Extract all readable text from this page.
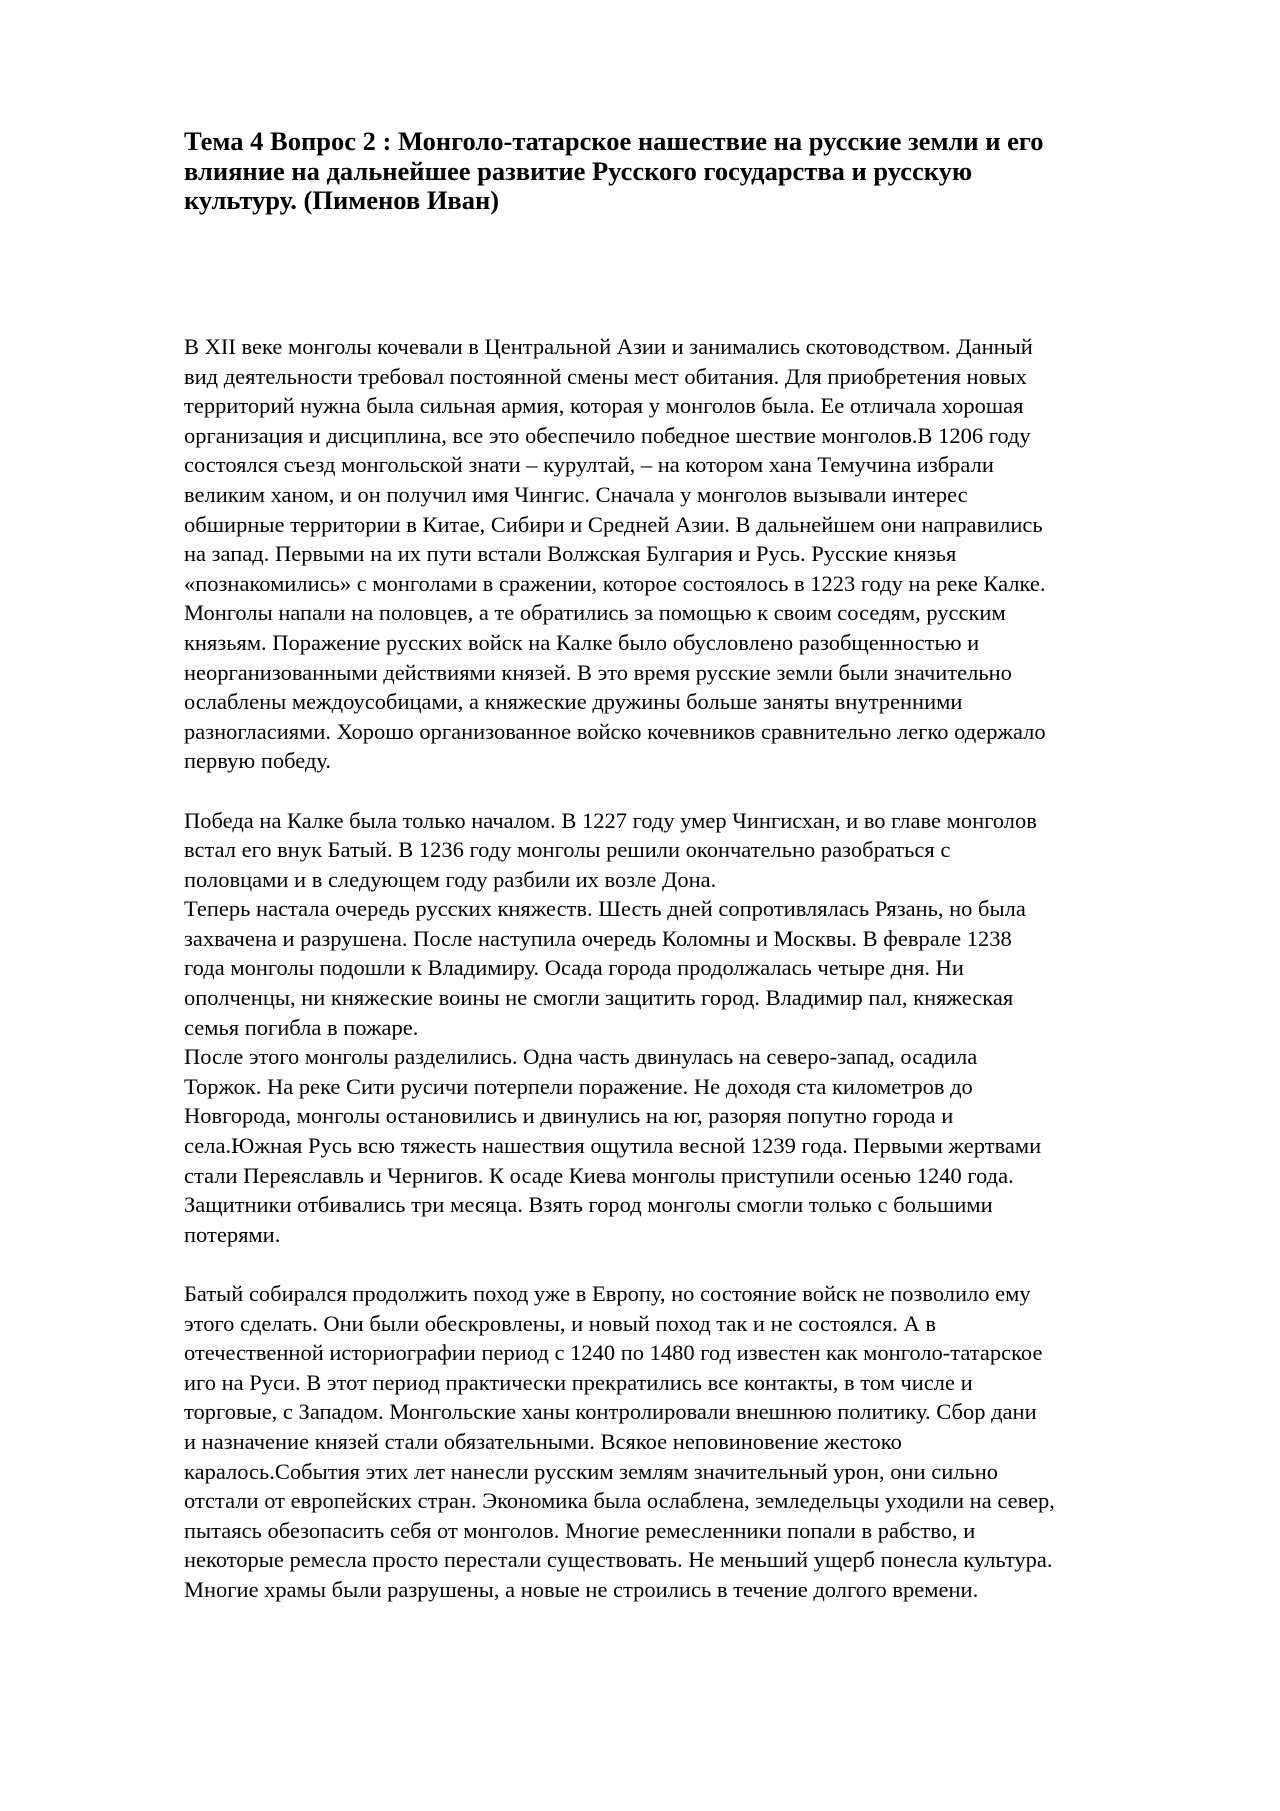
Тема 4 Вопрос 2 : Монголо-татарское нашествие на русские земли и его
влияние на дальнейшее развитие Русского государства и русскую
культуру. (Пименов Иван)

В XII веке монголы кочевали в Центральной Азии и занимались скотоводством. Данный
вид деятельности требовал постоянной смены мест обитания. Для приобретения новых
территорий нужна была сильная армия, которая у монголов была. Ее отличала хорошая
организация и дисциплина, все это обеспечило победное шествие монголов.В 1206 году
состоялся съезд монгольской знати – курултай, – на котором хана Темучина избрали
великим ханом, и он получил имя Чингис. Сначала у монголов вызывали интерес
обширные территории в Китае, Сибири и Средней Азии. В дальнейшем они направились
на запад. Первыми на их пути встали Волжская Булгария и Русь. Русские князья
«познакомились» с монголами в сражении, которое состоялось в 1223 году на реке Калке.
Монголы напали на половцев, а те обратились за помощью к своим соседям, русским
князьям. Поражение русских войск на Калке было обусловлено разобщенностью и
неорганизованными действиями князей. В это время русские земли были значительно
ослаблены междоусобицами, а княжеские дружины больше заняты внутренними
разногласиями. Хорошо организованное войско кочевников сравнительно легко одержало
первую победу.

Победа на Калке была только началом. В 1227 году умер Чингисхан, и во главе монголов
встал его внук Батый. В 1236 году монголы решили окончательно разобраться с
половцами и в следующем году разбили их возле Дона.

Теперь настала очередь русских княжеств. Шесть дней сопротивлялась Рязань, но была
захвачена и разрушена. После наступила очередь Коломны и Москвы. В феврале 1238
года монголы подошли к Владимиру. Осада города продолжалась четыре дня. Ни
ополченцы, ни княжеские воины не смогли защитить город. Владимир пал, княжеская
семья погибла в пожаре.

После этого монголы разделились. Одна часть двинулась на северо-запад, осадила
Торжок. На реке Сити русичи потерпели поражение. Не доходя ста километров до
Новгорода, монголы остановились и двинулись на юг, разоряя попутно города и
села.Южная Русь всю тяжесть нашествия ощутила весной 1239 года. Первыми жертвами
стали Переяславль и Чернигов. К осаде Киева монголы приступили осенью 1240 года.
Защитники отбивались три месяца. Взять город монголы смогли только с большими
потерями.

Батый собирался продолжить поход уже в Европу, но состояние войск не позволило ему
этого сделать. Они были обескровлены, и новый поход так и не состоялся. А в
отечественной историографии период с 1240 по 1480 год известен как монголо-татарское
иго на Руси. В этот период практически прекратились все контакты, в том числе и
торговые, с Западом. Монгольские ханы контролировали внешнюю политику. Сбор дани
и назначение князей стали обязательными. Всякое неповиновение жестоко
каралось.События этих лет нанесли русским землям значительный урон, они сильно
отстали от европейских стран. Экономика была ослаблена, земледельцы уходили на север,
пытаясь обезопасить себя от монголов. Многие ремесленники попали в рабство, и
некоторые ремесла просто перестали существовать. Не меньший ущерб понесла культура.
Многие храмы были разрушены, а новые не строились в течение долгого времени.
